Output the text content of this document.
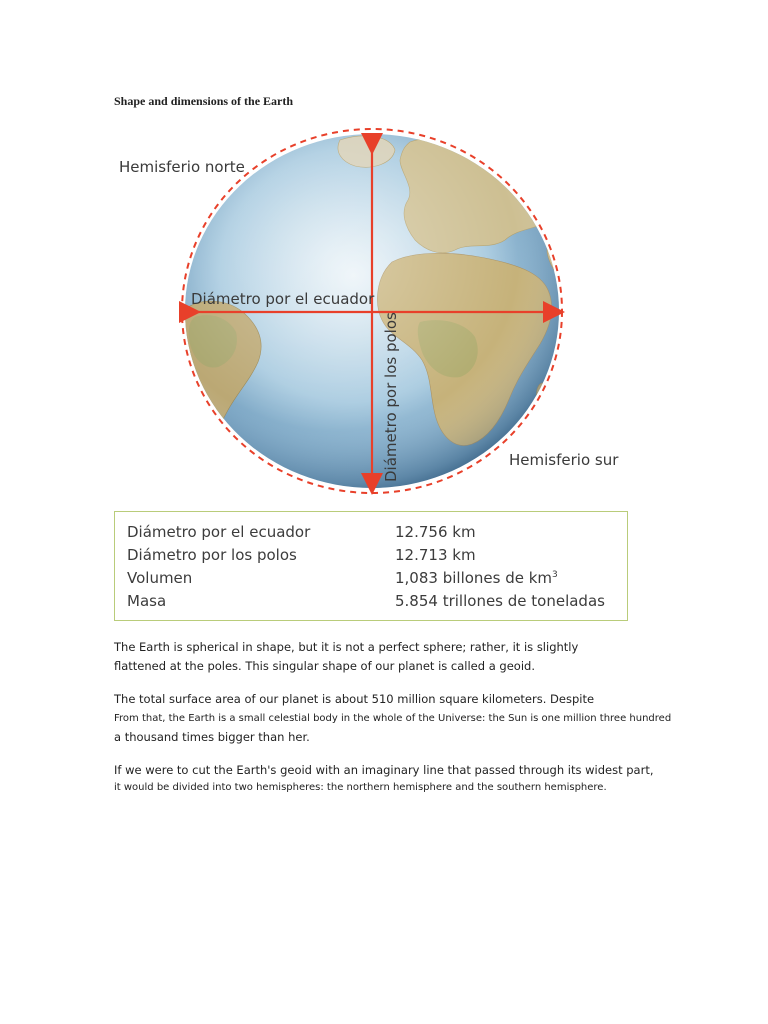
Shape and dimensions of the Earth
Hemisferio norte
Diámetro por el ecuador
Hemisferio sur
Diámetro por los polos
Diámetro por el ecuador	12.756 km
Diámetro por los polos	12.713 km
Volumen	1,083 billones de $km^3$
Masa	5.854 trillones de toneladas

The Earth is spherical in shape, but it is not a perfect sphere; rather, it is slightly
flattened at the poles. This singular shape of our planet is called a geoid.

The total surface area of our planet is about 510 million square kilometers. Despite
From that, the Earth is a small celestial body in the whole of the Universe: the Sun is one million three hundred
a thousand times bigger than her.

If we were to cut the Earth's geoid with an imaginary line that passed through its widest part,
it would be divided into two hemispheres: the northern hemisphere and the southern hemisphere.
